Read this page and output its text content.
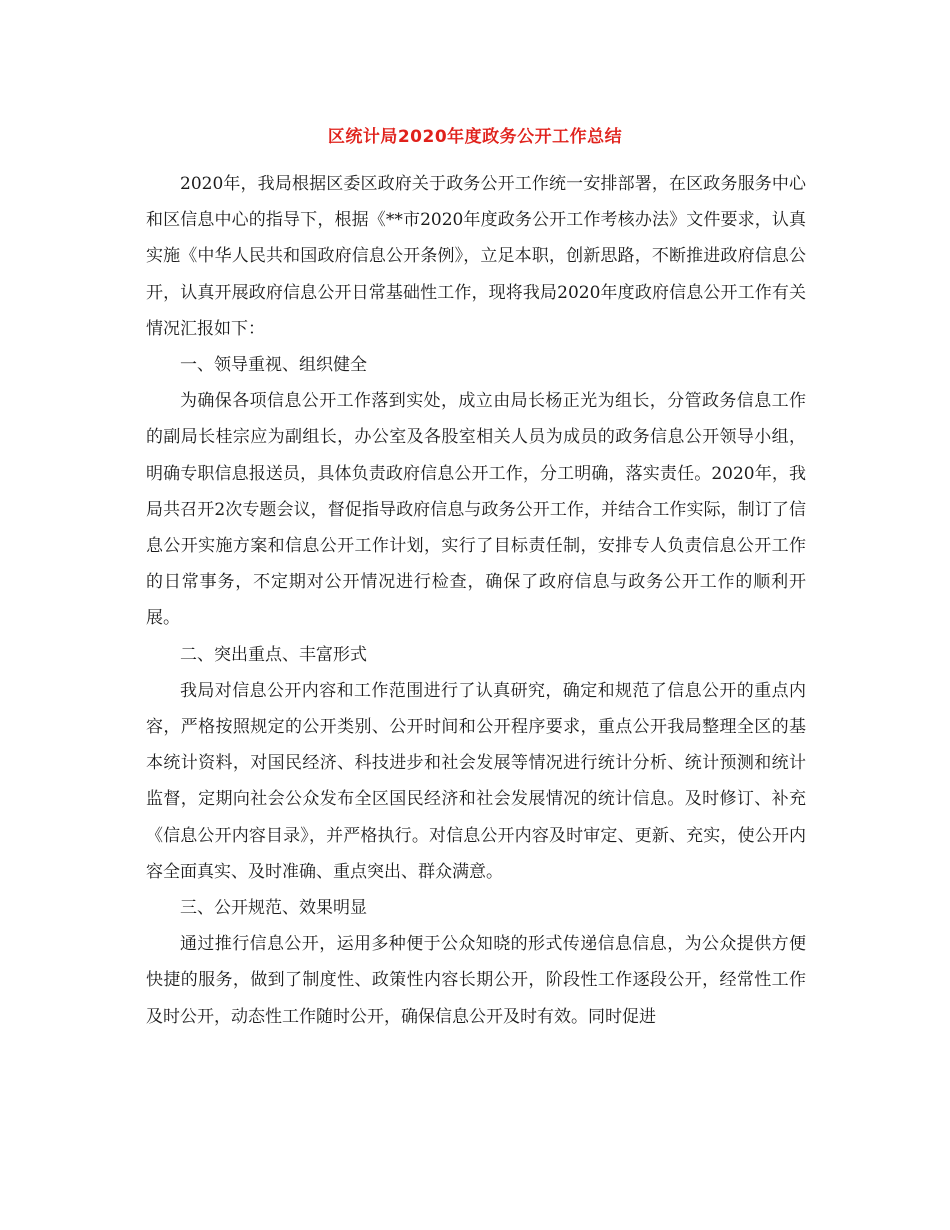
区统计局2020年度政务公开工作总结

2020年，我局根据区委区政府关于政务公开工作统一安排部署，在区政务服务中心和区信息中心的指导下，根据《**市2020年度政务公开工作考核办法》文件要求，认真实施《中华人民共和国政府信息公开条例》，立足本职，创新思路，不断推进政府信息公开，认真开展政府信息公开日常基础性工作，现将我局2020年度政府信息公开工作有关情况汇报如下：

一、领导重视、组织健全

为确保各项信息公开工作落到实处，成立由局长杨正光为组长，分管政务信息工作的副局长桂宗应为副组长，办公室及各股室相关人员为成员的政务信息公开领导小组，明确专职信息报送员，具体负责政府信息公开工作，分工明确，落实责任。2020年，我局共召开2次专题会议，督促指导政府信息与政务公开工作，并结合工作实际，制订了信息公开实施方案和信息公开工作计划，实行了目标责任制，安排专人负责信息公开工作的日常事务，不定期对公开情况进行检查，确保了政府信息与政务公开工作的顺利开展。

二、突出重点、丰富形式

我局对信息公开内容和工作范围进行了认真研究，确定和规范了信息公开的重点内容，严格按照规定的公开类别、公开时间和公开程序要求，重点公开我局整理全区的基本统计资料，对国民经济、科技进步和社会发展等情况进行统计分析、统计预测和统计监督，定期向社会公众发布全区国民经济和社会发展情况的统计信息。及时修订、补充《信息公开内容目录》，并严格执行。对信息公开内容及时审定、更新、充实，使公开内容全面真实、及时准确、重点突出、群众满意。

三、公开规范、效果明显

通过推行信息公开，运用多种便于公众知晓的形式传递信息信息，为公众提供方便快捷的服务，做到了制度性、政策性内容长期公开，阶段性工作逐段公开，经常性工作及时公开，动态性工作随时公开，确保信息公开及时有效。同时促进
